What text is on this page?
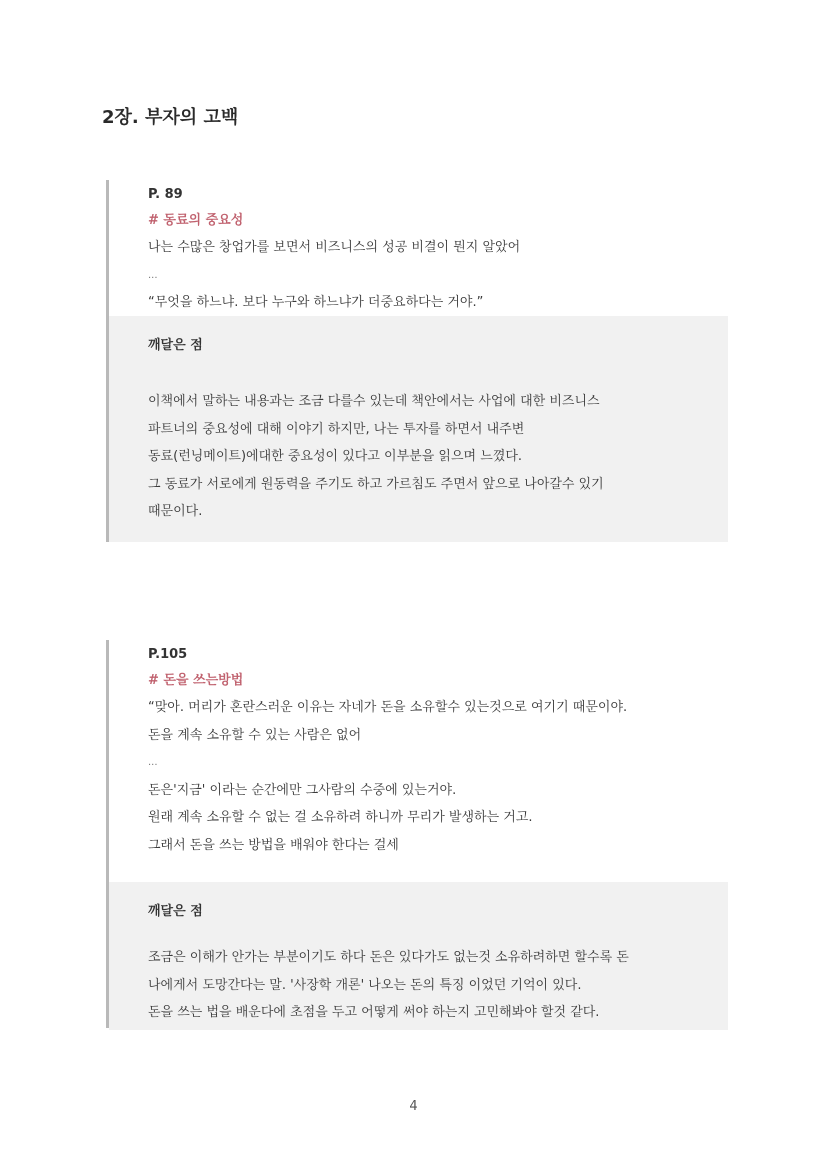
2장. 부자의 고백
P. 89
# 동료의 중요성
나는 수많은 창업가를 보면서 비즈니스의 성공 비결이 뭔지 알았어
...
“무엇을 하느냐. 보다 누구와 하느냐가 더중요하다는 거야.”
깨달은 점
이책에서 말하는 내용과는 조금 다를수 있는데 책안에서는 사업에 대한 비즈니스
파트너의 중요성에 대해 이야기 하지만, 나는 투자를 하면서 내주변
동료(런닝메이트)에대한 중요성이 있다고 이부분을 읽으며 느꼈다.
그 동료가 서로에게 원동력을 주기도 하고 가르침도 주면서 앞으로 나아갈수 있기
때문이다.
P.105
# 돈을 쓰는방법
“맞아. 머리가 혼란스러운 이유는 자네가 돈을 소유할수 있는것으로 여기기 때문이야.
돈을 계속 소유할 수 있는 사람은 없어
...
돈은'지금' 이라는 순간에만 그사람의 수중에 있는거야.
원래 계속 소유할 수 없는 걸 소유하려 하니까 무리가 발생하는 거고.
그래서 돈을 쓰는 방법을 배워야 한다는 걸세
깨달은 점
조금은 이해가 안가는 부분이기도 하다 돈은 있다가도 없는것 소유하려하면 할수록 돈
나에게서 도망간다는 말. '사장학 개론' 나오는 돈의 특징 이었던 기억이 있다.
돈을 쓰는 법을 배운다에 초점을 두고 어떻게 써야 하는지 고민해봐야 할것 같다.
4
